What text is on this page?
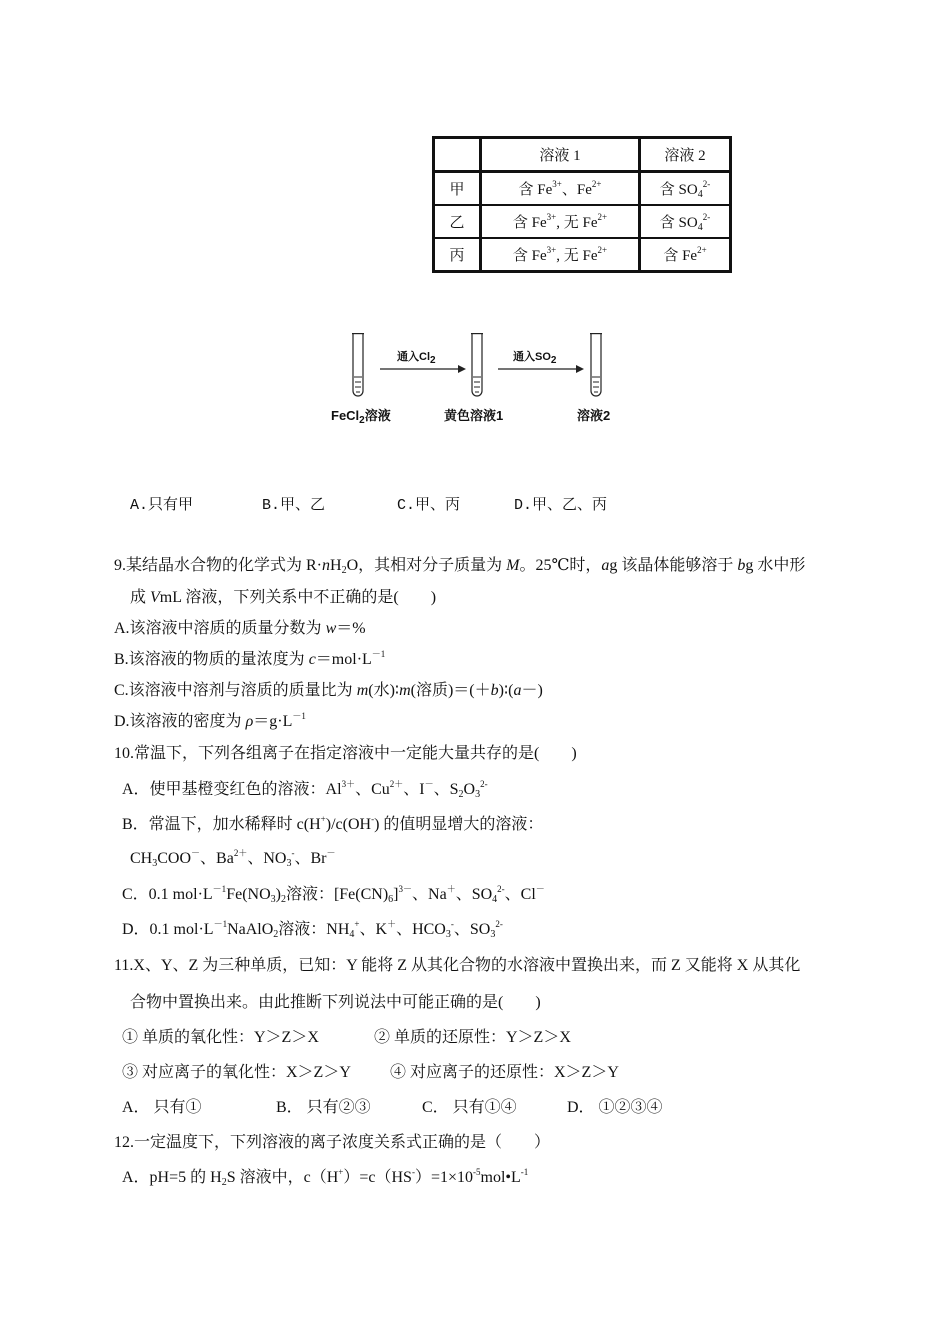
	溶液 1	溶液 2
甲	含 $Fe^{3+}$、$Fe^{2+}$	含 $SO_4^{2-}$
乙	含 $Fe^{3+}$, 无 $Fe^{2+}$	含 $SO_4^{2-}$
丙	含 $Fe^{3+}$, 无 $Fe^{2+}$	含 $Fe^{2+}$
通入$Cl_2$	通入$SO_2$
FeCl$_2$溶液	黄色溶液1	溶液2
A.只有甲	B.甲、乙	C.甲、丙	D.甲、乙、丙
9.某结晶水合物的化学式为 $R\cdot nH_2O$，其相对分子质量为 M。25℃时，ag 该晶体能够溶于 bg 水中形
成 VmL 溶液，下列关系中不正确的是(　　)
A.该溶液中溶质的质量分数为 w＝%
B.该溶液的物质的量浓度为 $c=mol\cdot L^{-1}$
C.该溶液中溶剂与溶质的质量比为 m(水)∶m(溶质)＝(＋b)∶(a－)
D.该溶液的密度为 $\rho=g\cdot L^{-1}$
10.常温下，下列各组离子在指定溶液中一定能大量共存的是(　　)
A．使甲基橙变红色的溶液：$Al^{3+}$、$Cu^{2+}$、I－、$S_2O_3^{2-}$
B．常温下，加水稀释时 c(H+)/c(OH-) 的值明显增大的溶液：
$CH_3COO^-$、$Ba^{2+}$、$NO_3^-$、Br－
C．0.1 $mol\cdot L^{-1}Fe(NO_3)_2$溶液：$[Fe(CN)_6]^{3-}$、Na＋、$SO_4^{2-}$、Cl－
D．0.1 $mol\cdot L^{-1}NaAlO_2$溶液：$NH_4^+$、K＋、$HCO_3^-$、$SO_3^{2-}$
11.X、Y、Z 为三种单质，已知：Y 能将 Z 从其化合物的水溶液中置换出来，而 Z 又能将 X 从其化
合物中置换出来。由此推断下列说法中可能正确的是(　　)
① 单质的氧化性：Y＞Z＞X	② 单质的还原性：Y＞Z＞X
③ 对应离子的氧化性：X＞Z＞Y ④ 对应离子的还原性：X＞Z＞Y
A． 只有①	B． 只有②③	C． 只有①④	D． ①②③④
12.一定温度下，下列溶液的离子浓度关系式正确的是（　　）
A．pH=5 的 $H_2S$ 溶液中，$c(H^+)=c(HS^-)=1\times 10^{-5}mol•L^{-1}$
